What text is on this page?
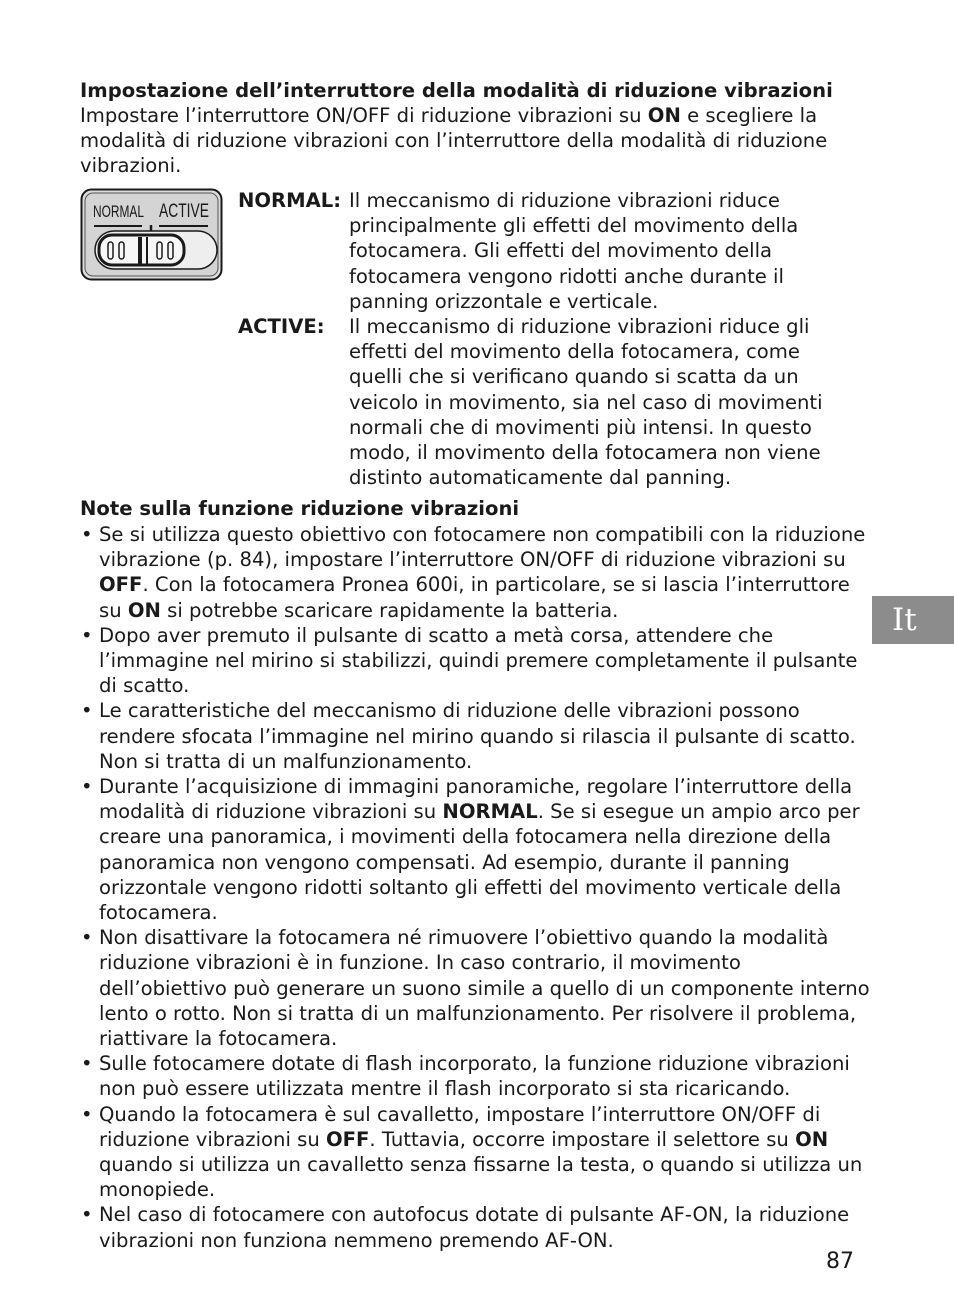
Impostazione dell’interruttore della modalità di riduzione vibrazioni
Impostare l’interruttore ON/OFF di riduzione vibrazioni su ON e scegliere la modalità di riduzione vibrazioni con l’interruttore della modalità di riduzione vibrazioni.
NORMAL ACTIVE NORMAL: Il meccanismo di riduzione vibrazioni riduce principalmente gli effetti del movimento della fotocamera. Gli effetti del movimento della fotocamera vengono ridotti anche durante il panning orizzontale e verticale.
ACTIVE: Il meccanismo di riduzione vibrazioni riduce gli effetti del movimento della fotocamera, come quelli che si verificano quando si scatta da un veicolo in movimento, sia nel caso di movimenti normali che di movimenti più intensi. In questo modo, il movimento della fotocamera non viene distinto automaticamente dal panning.
Note sulla funzione riduzione vibrazioni
• Se si utilizza questo obiettivo con fotocamere non compatibili con la riduzione vibrazione (p. 84), impostare l’interruttore ON/OFF di riduzione vibrazioni su OFF. Con la fotocamera Pronea 600i, in particolare, se si lascia l’interruttore su ON si potrebbe scaricare rapidamente la batteria.
• Dopo aver premuto il pulsante di scatto a metà corsa, attendere che l’immagine nel mirino si stabilizzi, quindi premere completamente il pulsante di scatto.
• Le caratteristiche del meccanismo di riduzione delle vibrazioni possono rendere sfocata l’immagine nel mirino quando si rilascia il pulsante di scatto. Non si tratta di un malfunzionamento.
• Durante l’acquisizione di immagini panoramiche, regolare l’interruttore della modalità di riduzione vibrazioni su NORMAL. Se si esegue un ampio arco per creare una panoramica, i movimenti della fotocamera nella direzione della panoramica non vengono compensati. Ad esempio, durante il panning orizzontale vengono ridotti soltanto gli effetti del movimento verticale della fotocamera.
• Non disattivare la fotocamera né rimuovere l’obiettivo quando la modalità riduzione vibrazioni è in funzione. In caso contrario, il movimento dell’obiettivo può generare un suono simile a quello di un componente interno lento o rotto. Non si tratta di un malfunzionamento. Per risolvere il problema, riattivare la fotocamera.
• Sulle fotocamere dotate di flash incorporato, la funzione riduzione vibrazioni non può essere utilizzata mentre il flash incorporato si sta ricaricando.
• Quando la fotocamera è sul cavalletto, impostare l’interruttore ON/OFF di riduzione vibrazioni su OFF. Tuttavia, occorre impostare il selettore su ON quando si utilizza un cavalletto senza fissarne la testa, o quando si utilizza un monopiede.
• Nel caso di fotocamere con autofocus dotate di pulsante AF-ON, la riduzione vibrazioni non funziona nemmeno premendo AF-ON.
It
87
